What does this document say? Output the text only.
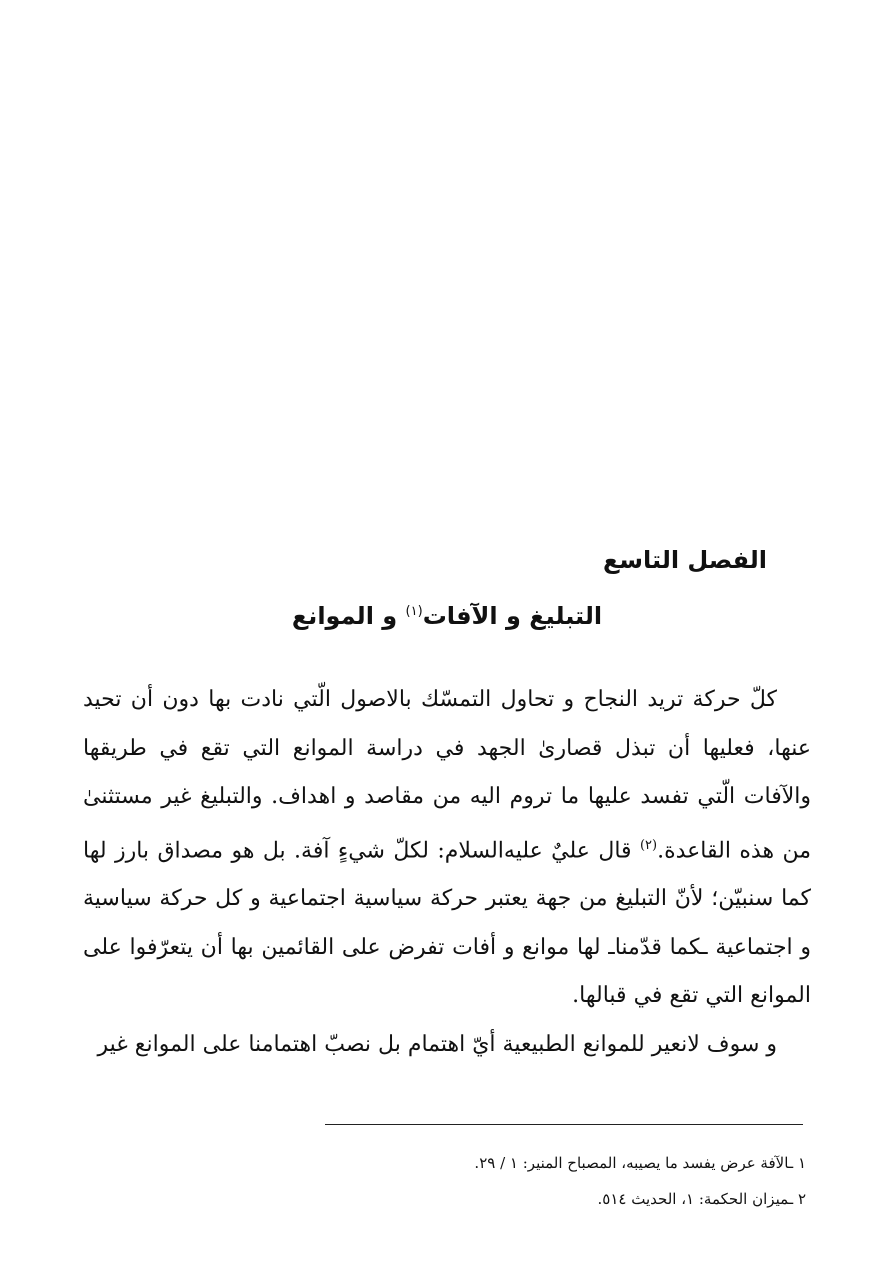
الفصل التاسع
التبليغ و الآفات$^{(١)}$ و الموانع

كلّ حركة تريد النجاح و تحاول التمسّك بالاصول الّتي نادت بها دون أن تحيد عنها، فعليها أن تبذل قصارىٰ الجهد في دراسة الموانع التي تقع في طريقها والآفات الّتي تفسد عليها ما تروم اليه من مقاصد و اهداف. والتبليغ غير مستثنىٰ من هذه القاعدة.$^{(٢)}$ قال عليٌ عليه‌السلام: لكلّ شيءٍ آفة. بل هو مصداق بارز لها كما سنبيّن؛ لأنّ التبليغ من جهة يعتبر حركة سياسية اجتماعية و كل حركة سياسية و اجتماعية ـكما قدّمناـ لها موانع و أفات تفرض على القائمين بها أن يتعرّفوا على الموانع التي تقع في قبالها.

و سوف لانعير للموانع الطبيعية أيّ اهتمام بل نصبّ اهتمامنا على الموانع غير

١ ـالآفة عرض يفسد ما يصيبه، المصباح المنير: ١ / ٢٩.
٢ ـميزان الحكمة: ١، الحديث ٥١٤.
